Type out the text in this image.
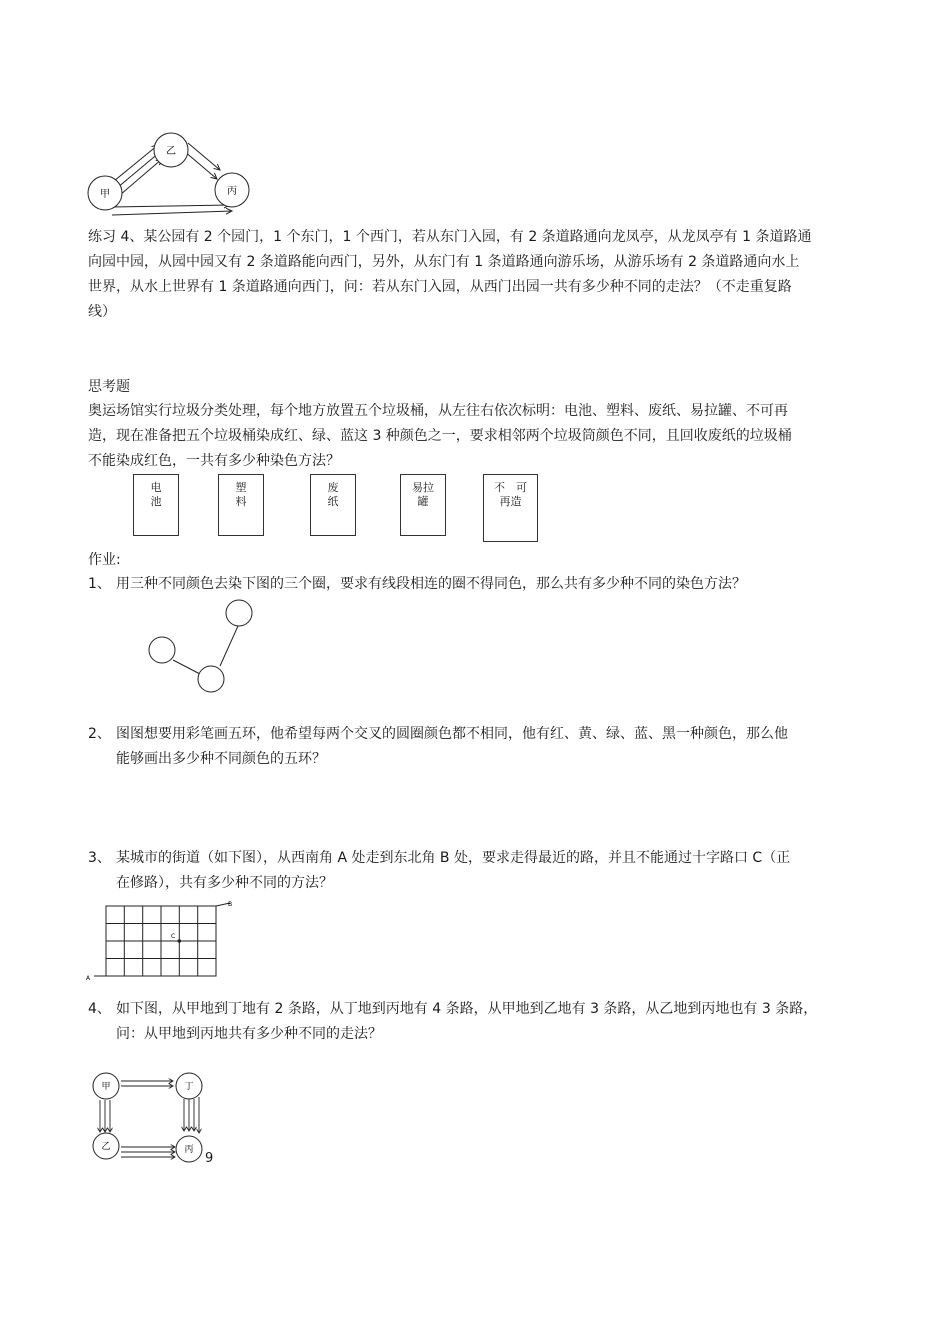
甲
乙
丙
练习 4、某公园有 2 个园门，1 个东门，1 个西门，若从东门入园，有 2 条道路通向龙凤亭，从龙凤亭有 1 条道路通
向园中园，从园中园又有 2 条道路能向西门，另外，从东门有 1 条道路通向游乐场，从游乐场有 2 条道路通向水上
世界，从水上世界有 1 条道路通向西门，问：若从东门入园，从西门出园一共有多少种不同的走法？（不走重复路
线）
思考题
奥运场馆实行垃圾分类处理，每个地方放置五个垃圾桶，从左往右依次标明：电池、塑料、废纸、易拉罐、不可再
造，现在准备把五个垃圾桶染成红、绿、蓝这 3 种颜色之一，要求相邻两个垃圾筒颜色不同，且回收废纸的垃圾桶
不能染成红色，一共有多少种染色方法？
电
池
塑
料
废
纸
易拉
罐
不　可
再造
作业:
1、 用三种不同颜色去染下图的三个圈，要求有线段相连的圈不得同色，那么共有多少种不同的染色方法？
2、 图图想要用彩笔画五环，他希望每两个交叉的圆圈颜色都不相同，他有红、黄、绿、蓝、黑一种颜色，那么他
能够画出多少种不同颜色的五环？
3、 某城市的街道（如下图），从西南角 A 处走到东北角 B 处，要求走得最近的路，并且不能通过十字路口 C（正
在修路），共有多少种不同的方法？
A
B
C
4、 如下图，从甲地到丁地有 2 条路，从丁地到丙地有 4 条路，从甲地到乙地有 3 条路，从乙地到丙地也有 3 条路，
问：从甲地到丙地共有多少种不同的走法？
甲	丁
乙	丙
9
